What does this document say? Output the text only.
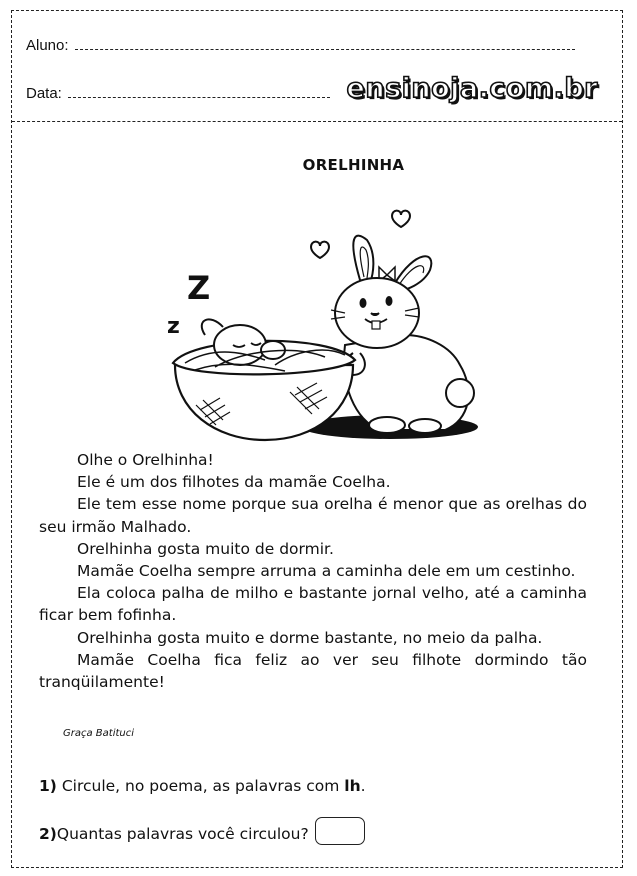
Aluno:
Data:	ensinoja.com.br
ORELHINHA
Z
z

Olhe o Orelhinha!

Ele é um dos filhotes da mamãe Coelha.

Ele tem esse nome porque sua orelha é menor que as orelhas do seu irmão Malhado.

Orelhinha gosta muito de dormir.

Mamãe Coelha sempre arruma a caminha dele em um cestinho.

Ela coloca palha de milho e bastante jornal velho, até a caminha ficar bem fofinha.

Orelhinha gosta muito e dorme bastante, no meio da palha.

Mamãe Coelha fica feliz ao ver seu filhote dormindo tão tranqüilamente!

Graça Batituci
1) Circule, no poema, as palavras com lh.
2)Quantas palavras você circulou?
